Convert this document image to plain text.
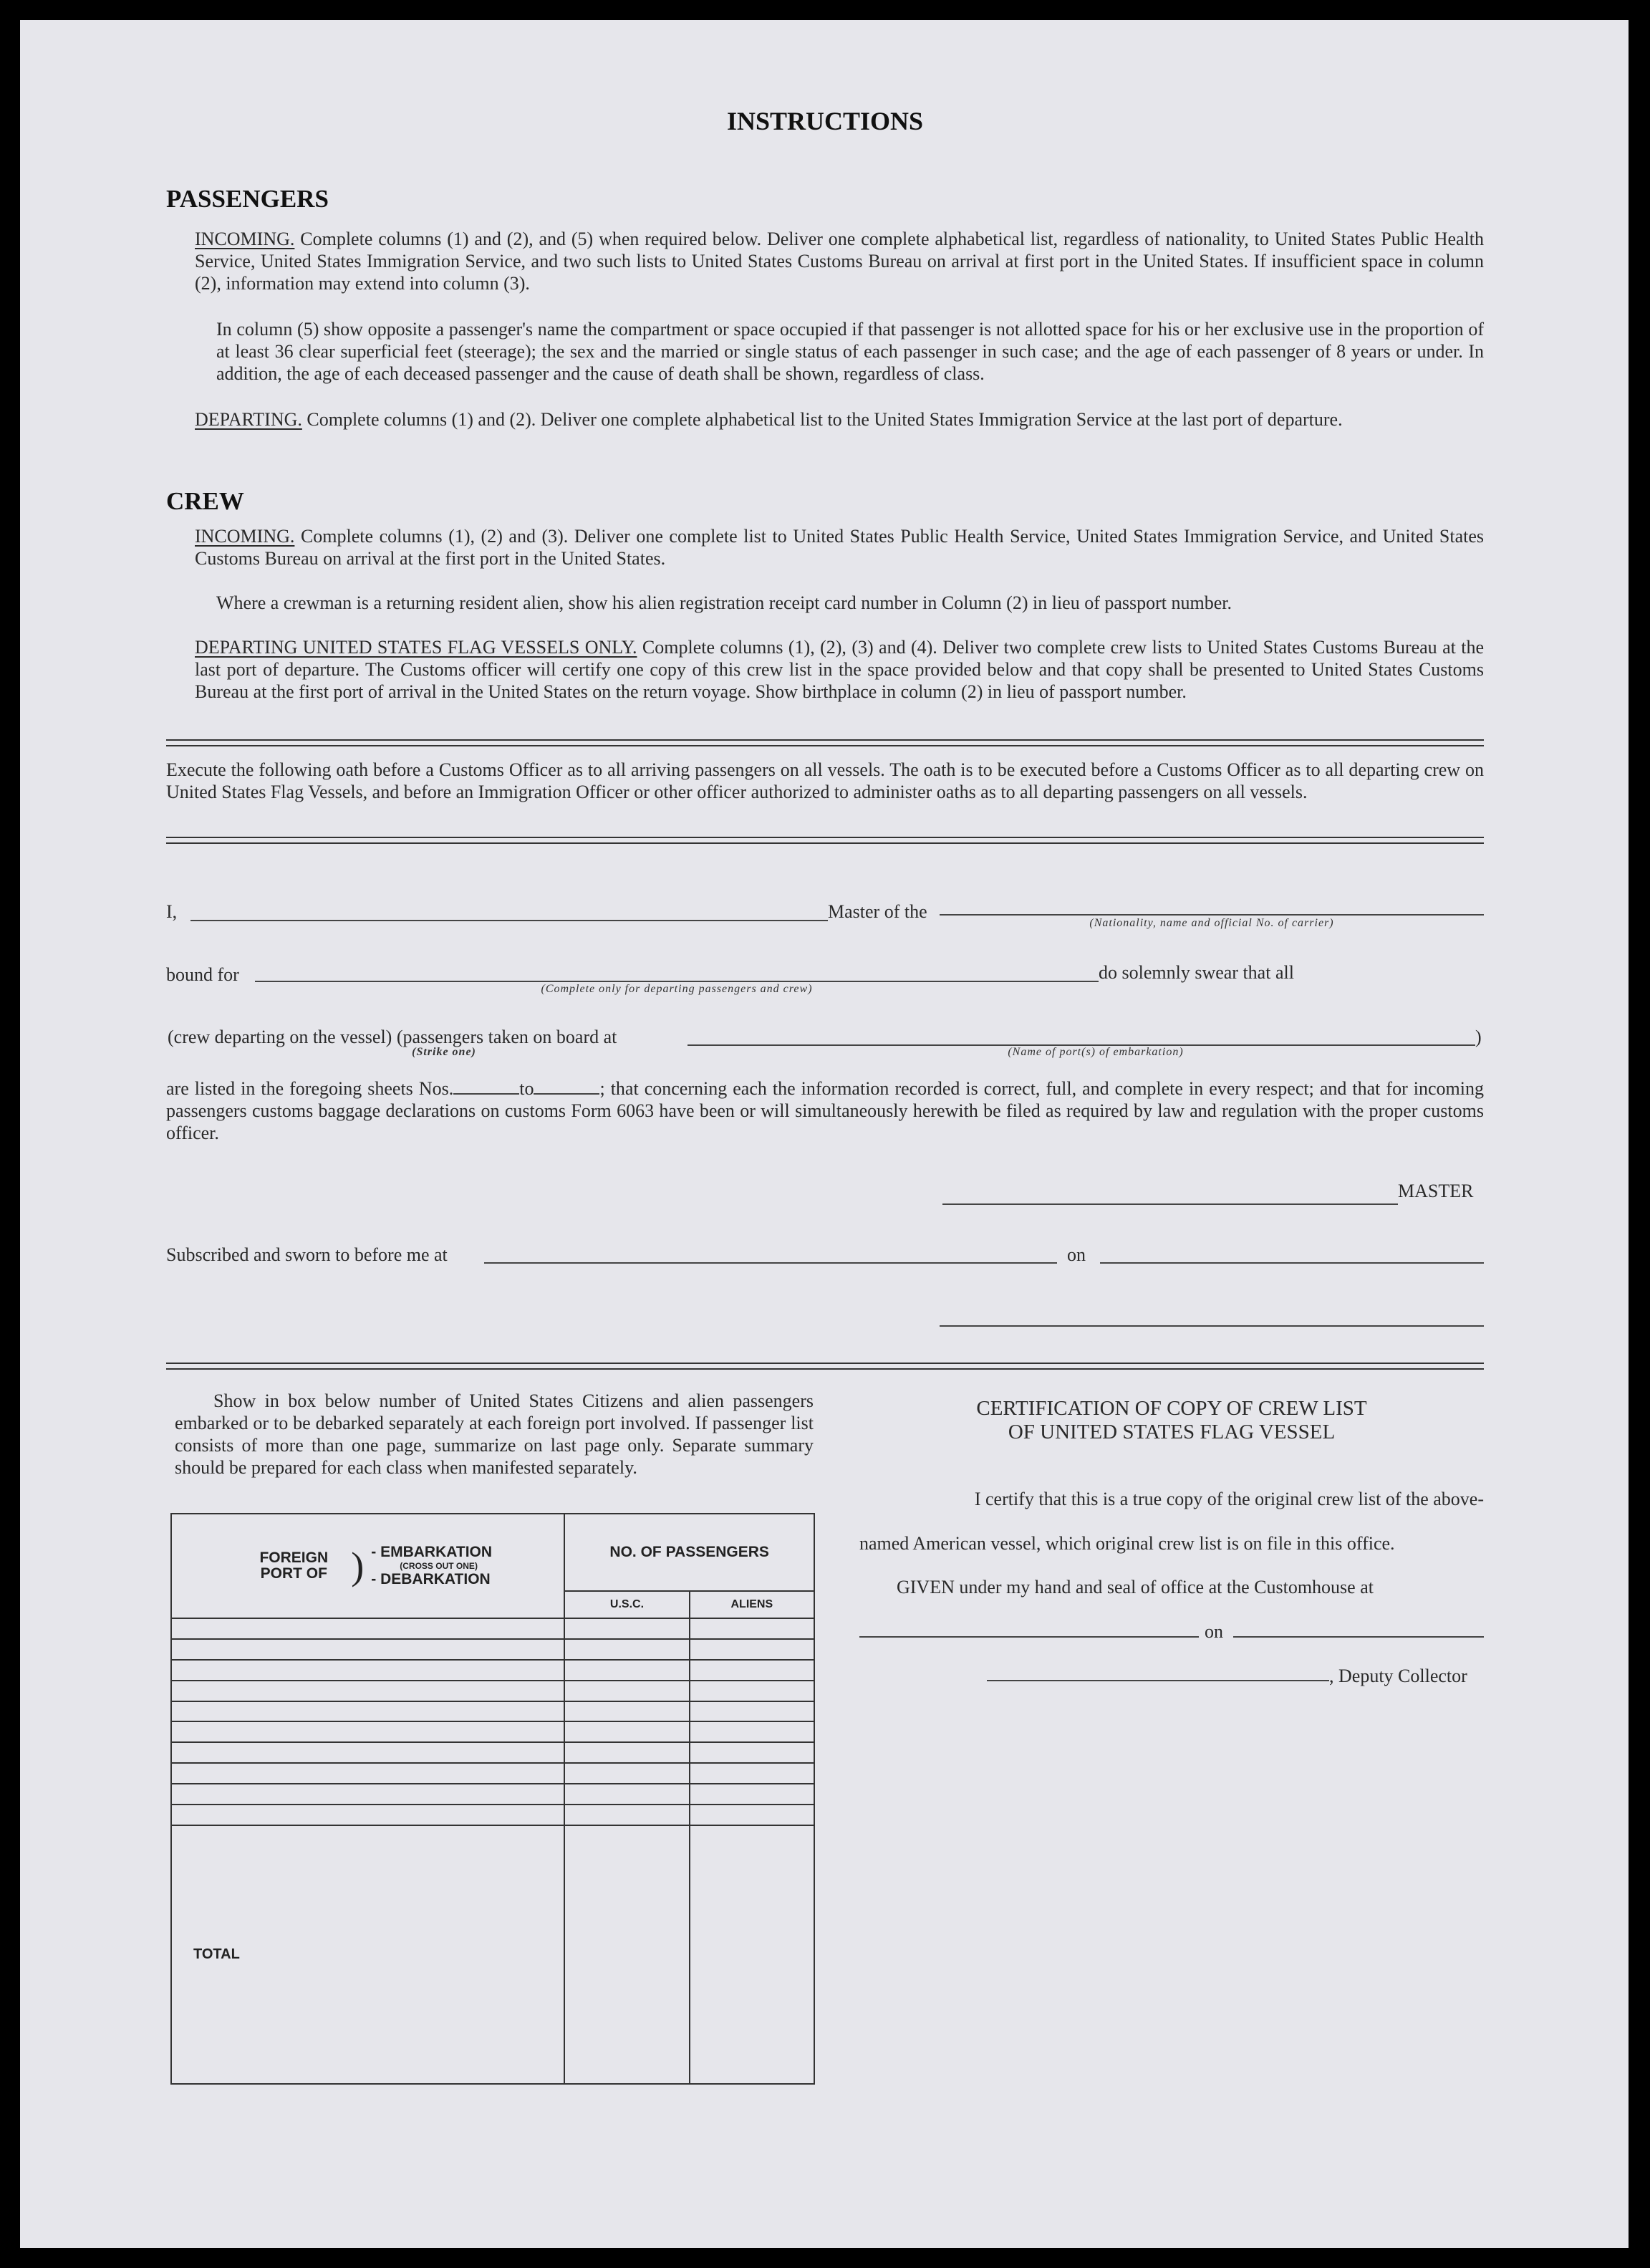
INSTRUCTIONS
PASSENGERS
INCOMING. Complete columns (1) and (2), and (5) when required below. Deliver one complete alphabetical list, regardless of nationality, to United States Public Health Service, United States Immigration Service, and two such lists to United States Customs Bureau on arrival at first port in the United States. If insufficient space in column (2), information may extend into column (3).
In column (5) show opposite a passenger's name the compartment or space occupied if that passenger is not allotted space for his or her exclusive use in the proportion of at least 36 clear superficial feet (steerage); the sex and the married or single status of each passenger in such case; and the age of each passenger of 8 years or under. In addition, the age of each deceased passenger and the cause of death shall be shown, regardless of class.
DEPARTING. Complete columns (1) and (2). Deliver one complete alphabetical list to the United States Immigration Service at the last port of departure.
CREW
INCOMING. Complete columns (1), (2) and (3). Deliver one complete list to United States Public Health Service, United States Immigration Service, and United States Customs Bureau on arrival at the first port in the United States.
Where a crewman is a returning resident alien, show his alien registration receipt card number in Column (2) in lieu of passport number.
DEPARTING UNITED STATES FLAG VESSELS ONLY. Complete columns (1), (2), (3) and (4). Deliver two complete crew lists to United States Customs Bureau at the last port of departure. The Customs officer will certify one copy of this crew list in the space provided below and that copy shall be presented to United States Customs Bureau at the first port of arrival in the United States on the return voyage. Show birthplace in column (2) in lieu of passport number.
Execute the following oath before a Customs Officer as to all arriving passengers on all vessels. The oath is to be executed before a Customs Officer as to all departing crew on United States Flag Vessels, and before an Immigration Officer or other officer authorized to administer oaths as to all departing passengers on all vessels.
I,	Master of the
(Nationality, name and official No. of carrier)
bound for	do solemnly swear that all
(Complete only for departing passengers and crew)
(crew departing on the vessel) (passengers taken on board at	)
(Strike one)	(Name of port(s) of embarkation)
are listed in the foregoing sheets Nos.	to	; that concerning each the information recorded is correct, full, and complete in every respect; and that for incoming passengers customs baggage declarations on customs Form 6063 have been or will simultaneously herewith be filed as required by law and regulation with the proper customs officer.
MASTER
Subscribed and sworn to before me at	on
Show in box below number of United States Citizens and alien passengers embarked or to be debarked separately at each foreign port involved. If passenger list consists of more than one page, summarize on last page only. Separate summary should be prepared for each class when manifested separately.
FOREIGN PORT OF ) - EMBARKATION
(CROSS OUT ONE)
- DEBARKATION	NO. OF PASSENGERS	
	U.S.C.	ALIENS

TOTAL		
CERTIFICATION OF COPY OF CREW LIST
OF UNITED STATES FLAG VESSEL
I certify that this is a true copy of the original crew list of the above-
named American vessel, which original crew list is on file in this office.
GIVEN under my hand and seal of office at the Customhouse at
on
, Deputy Collector
